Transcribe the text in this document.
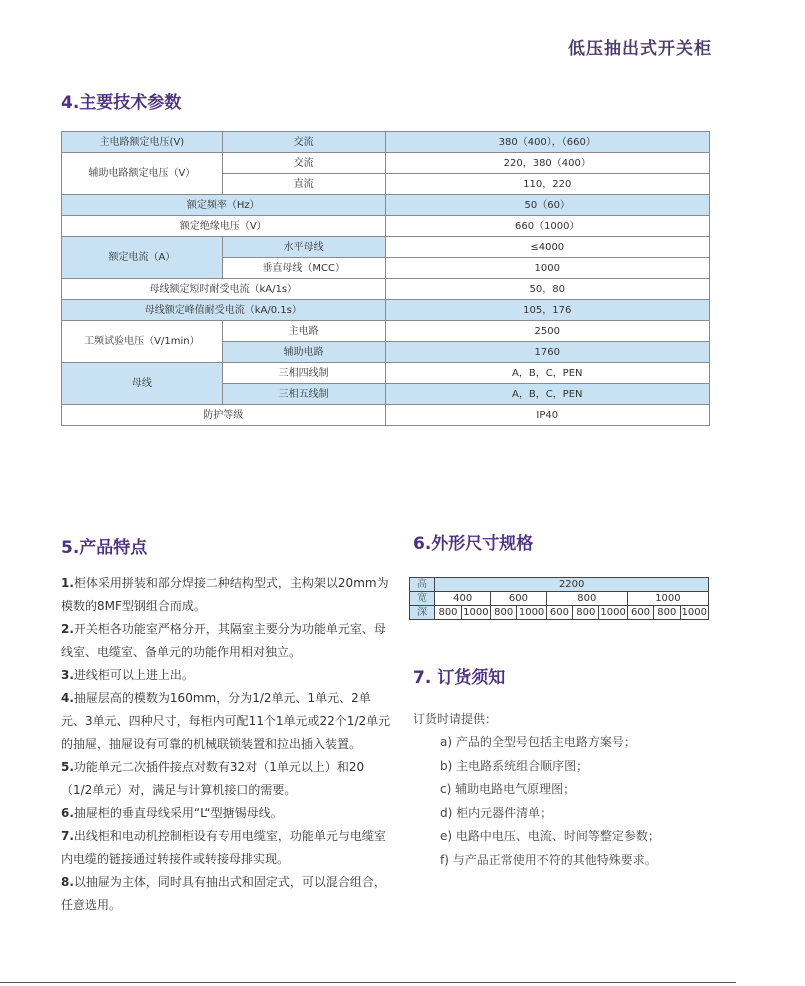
低压抽出式开关柜
4.主要技术参数
主电路额定电压(V)	交流	380（400），（660）
辅助电路额定电压（V）	交流	220，380（400）
	直流	110，220
额定频率（Hz）		50（60）
额定绝缘电压（V）		660（1000）
额定电流（A）	水平母线	≤4000
	垂直母线（MCC）	1000
母线额定短时耐受电流（kA/1s）		50，80
母线额定峰值耐受电流（kA/0.1s）		105，176
工频试验电压（V/1min）	主电路	2500
	辅助电路	1760
母线	三相四线制	A，B，C，PEN
	三相五线制	A，B，C，PEN
防护等级		IP40
5.产品特点

1.柜体采用拼装和部分焊接二种结构型式，主构架以20mm为模数的8MF型钢组合而成。

2.开关柜各功能室严格分开，其隔室主要分为功能单元室、母线室、电缆室、备单元的功能作用相对独立。

3.进线柜可以上进上出。

4.抽屉层高的模数为160mm，分为1/2单元、1单元、2单元、3单元、四种尺寸，每柜内可配11个1单元或22个1/2单元的抽屉，抽屉设有可靠的机械联锁装置和拉出插入装置。

5.功能单元二次插件接点对数有32对（1单元以上）和20（1/2单元）对，满足与计算机接口的需要。

6.抽屉柜的垂直母线采用“L“型搪锡母线。

7.出线柜和电动机控制柜设有专用电缆室，功能单元与电缆室内电缆的链接通过转接件或转接母排实现。

8.以抽屉为主体，同时具有抽出式和固定式，可以混合组合，任意选用。

6.外形尺寸规格
高	2200									
宽	400		600		800			1000		
深	800	1000	800	1000	600	800	1000	600	800	1000
7. 订货须知
订货时请提供：
a) 产品的全型号包括主电路方案号；
b) 主电路系统组合顺序图；
c) 辅助电路电气原理图；
d) 柜内元器件清单；
e) 电路中电压、电流、时间等整定参数；
f) 与产品正常使用不符的其他特殊要求。
